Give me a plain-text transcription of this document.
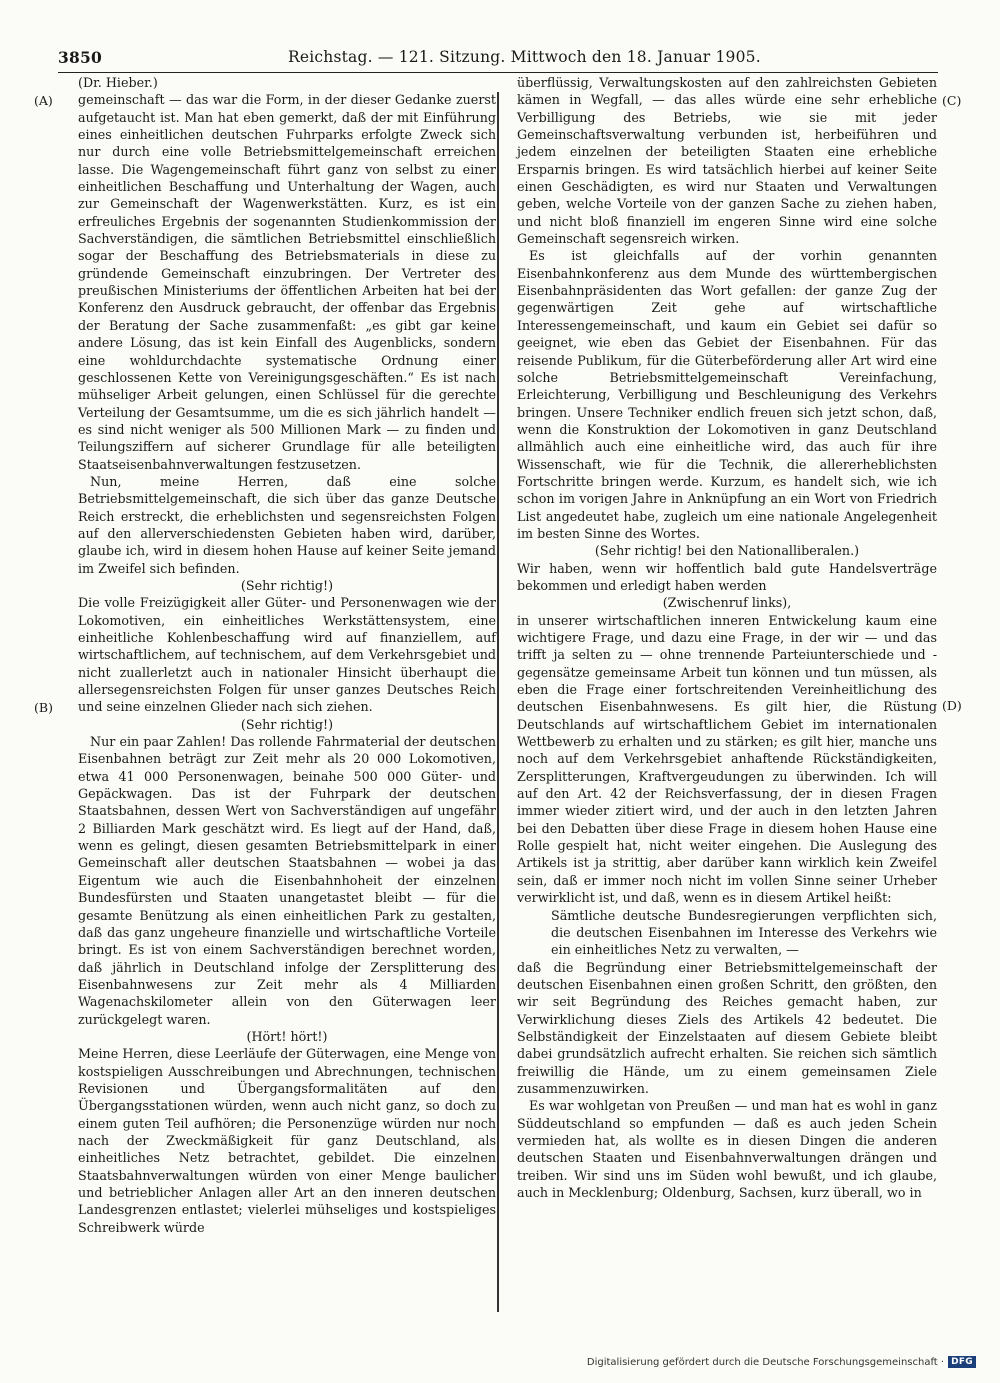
3850	Reichstag. — 121. Sitzung. Mittwoch den 18. Januar 1905.
(A)
(B)
(C)
(D)

(Dr. Hieber.)

gemeinschaft — das war die Form, in der dieser Gedanke zuerst aufgetaucht ist. Man hat eben gemerkt, daß der mit Einführung eines einheitlichen deutschen Fuhrparks erfolgte Zweck sich nur durch eine volle Betriebsmittelgemeinschaft erreichen lasse. Die Wagengemeinschaft führt ganz von selbst zu einer einheitlichen Beschaffung und Unterhaltung der Wagen, auch zur Gemeinschaft der Wagenwerkstätten. Kurz, es ist ein erfreuliches Ergebnis der sogenannten Studienkommission der Sachverständigen, die sämtlichen Betriebsmittel einschließlich sogar der Beschaffung des Betriebsmaterials in diese zu gründende Gemeinschaft einzubringen. Der Vertreter des preußischen Ministeriums der öffentlichen Arbeiten hat bei der Konferenz den Ausdruck gebraucht, der offenbar das Ergebnis der Beratung der Sache zusammenfaßt: „es gibt gar keine andere Lösung, das ist kein Einfall des Augenblicks, sondern eine wohldurchdachte systematische Ordnung einer geschlossenen Kette von Vereinigungsgeschäften.“ Es ist nach mühseliger Arbeit gelungen, einen Schlüssel für die gerechte Verteilung der Gesamtsumme, um die es sich jährlich handelt — es sind nicht weniger als 500 Millionen Mark — zu finden und Teilungsziffern auf sicherer Grundlage für alle beteiligten Staatseisenbahnverwaltungen festzusetzen.

Nun, meine Herren, daß eine solche Betriebsmittelgemeinschaft, die sich über das ganze Deutsche Reich erstreckt, die erheblichsten und segensreichsten Folgen auf den allerverschiedensten Gebieten haben wird, darüber, glaube ich, wird in diesem hohen Hause auf keiner Seite jemand im Zweifel sich befinden.

(Sehr richtig!)

Die volle Freizügigkeit aller Güter- und Personenwagen wie der Lokomotiven, ein einheitliches Werkstättensystem, eine einheitliche Kohlenbeschaffung wird auf finanziellem, auf wirtschaftlichem, auf technischem, auf dem Verkehrsgebiet und nicht zuallerletzt auch in nationaler Hinsicht überhaupt die allersegensreichsten Folgen für unser ganzes Deutsches Reich und seine einzelnen Glieder nach sich ziehen.

(Sehr richtig!)

Nur ein paar Zahlen! Das rollende Fahrmaterial der deutschen Eisenbahnen beträgt zur Zeit mehr als 20 000 Lokomotiven, etwa 41 000 Personenwagen, beinahe 500 000 Güter- und Gepäckwagen. Das ist der Fuhrpark der deutschen Staatsbahnen, dessen Wert von Sachverständigen auf ungefähr 2 Billiarden Mark geschätzt wird. Es liegt auf der Hand, daß, wenn es gelingt, diesen gesamten Betriebsmittelpark in einer Gemeinschaft aller deutschen Staatsbahnen — wobei ja das Eigentum wie auch die Eisenbahnhoheit der einzelnen Bundesfürsten und Staaten unangetastet bleibt — für die gesamte Benützung als einen einheitlichen Park zu gestalten, daß das ganz ungeheure finanzielle und wirtschaftliche Vorteile bringt. Es ist von einem Sachverständigen berechnet worden, daß jährlich in Deutschland infolge der Zersplitterung des Eisenbahnwesens zur Zeit mehr als 4 Milliarden Wagenachskilometer allein von den Güterwagen leer zurückgelegt waren.

(Hört! hört!)

Meine Herren, diese Leerläufe der Güterwagen, eine Menge von kostspieligen Ausschreibungen und Abrechnungen, technischen Revisionen und Übergangsformalitäten auf den Übergangsstationen würden, wenn auch nicht ganz, so doch zu einem guten Teil aufhören; die Personenzüge würden nur noch nach der Zweckmäßigkeit für ganz Deutschland, als einheitliches Netz betrachtet, gebildet. Die einzelnen Staatsbahnverwaltungen würden von einer Menge baulicher und betrieblicher Anlagen aller Art an den inneren deutschen Landesgrenzen entlastet; vielerlei mühseliges und kostspieliges Schreibwerk würde

überflüssig, Verwaltungskosten auf den zahlreichsten Gebieten kämen in Wegfall, — das alles würde eine sehr erhebliche Verbilligung des Betriebs, wie sie mit jeder Gemeinschaftsverwaltung verbunden ist, herbeiführen und jedem einzelnen der beteiligten Staaten eine erhebliche Ersparnis bringen. Es wird tatsächlich hierbei auf keiner Seite einen Geschädigten, es wird nur Staaten und Verwaltungen geben, welche Vorteile von der ganzen Sache zu ziehen haben, und nicht bloß finanziell im engeren Sinne wird eine solche Gemeinschaft segensreich wirken.

Es ist gleichfalls auf der vorhin genannten Eisenbahnkonferenz aus dem Munde des württembergischen Eisenbahnpräsidenten das Wort gefallen: der ganze Zug der gegenwärtigen Zeit gehe auf wirtschaftliche Interessengemeinschaft, und kaum ein Gebiet sei dafür so geeignet, wie eben das Gebiet der Eisenbahnen. Für das reisende Publikum, für die Güterbeförderung aller Art wird eine solche Betriebsmittelgemeinschaft Vereinfachung, Erleichterung, Verbilligung und Beschleunigung des Verkehrs bringen. Unsere Techniker endlich freuen sich jetzt schon, daß, wenn die Konstruktion der Lokomotiven in ganz Deutschland allmählich auch eine einheitliche wird, das auch für ihre Wissenschaft, wie für die Technik, die allererheblichsten Fortschritte bringen werde. Kurzum, es handelt sich, wie ich schon im vorigen Jahre in Anknüpfung an ein Wort von Friedrich List angedeutet habe, zugleich um eine nationale Angelegenheit im besten Sinne des Wortes.

(Sehr richtig! bei den Nationalliberalen.)

Wir haben, wenn wir hoffentlich bald gute Handelsverträge bekommen und erledigt haben werden

(Zwischenruf links),

in unserer wirtschaftlichen inneren Entwickelung kaum eine wichtigere Frage, und dazu eine Frage, in der wir — und das trifft ja selten zu — ohne trennende Parteiunterschiede und -gegensätze gemeinsame Arbeit tun können und tun müssen, als eben die Frage einer fortschreitenden Vereinheitlichung des deutschen Eisenbahnwesens. Es gilt hier, die Rüstung Deutschlands auf wirtschaftlichem Gebiet im internationalen Wettbewerb zu erhalten und zu stärken; es gilt hier, manche uns noch auf dem Verkehrsgebiet anhaftende Rückständigkeiten, Zersplitterungen, Kraftvergeudungen zu überwinden. Ich will auf den Art. 42 der Reichsverfassung, der in diesen Fragen immer wieder zitiert wird, und der auch in den letzten Jahren bei den Debatten über diese Frage in diesem hohen Hause eine Rolle gespielt hat, nicht weiter eingehen. Die Auslegung des Artikels ist ja strittig, aber darüber kann wirklich kein Zweifel sein, daß er immer noch nicht im vollen Sinne seiner Urheber verwirklicht ist, und daß, wenn es in diesem Artikel heißt:

Sämtliche deutsche Bundesregierungen verpflichten sich, die deutschen Eisenbahnen im Interesse des Verkehrs wie ein einheitliches Netz zu verwalten, —

daß die Begründung einer Betriebsmittelgemeinschaft der deutschen Eisenbahnen einen großen Schritt, den größten, den wir seit Begründung des Reiches gemacht haben, zur Verwirklichung dieses Ziels des Artikels 42 bedeutet. Die Selbständigkeit der Einzelstaaten auf diesem Gebiete bleibt dabei grundsätzlich aufrecht erhalten. Sie reichen sich sämtlich freiwillig die Hände, um zu einem gemeinsamen Ziele zusammenzuwirken.

Es war wohlgetan von Preußen — und man hat es wohl in ganz Süddeutschland so empfunden — daß es auch jeden Schein vermieden hat, als wollte es in diesen Dingen die anderen deutschen Staaten und Eisenbahnverwaltungen drängen und treiben. Wir sind uns im Süden wohl bewußt, und ich glaube, auch in Mecklenburg; Oldenburg, Sachsen, kurz überall, wo in

Digitalisierung gefördert durch die Deutsche Forschungsgemeinschaft · DFG
